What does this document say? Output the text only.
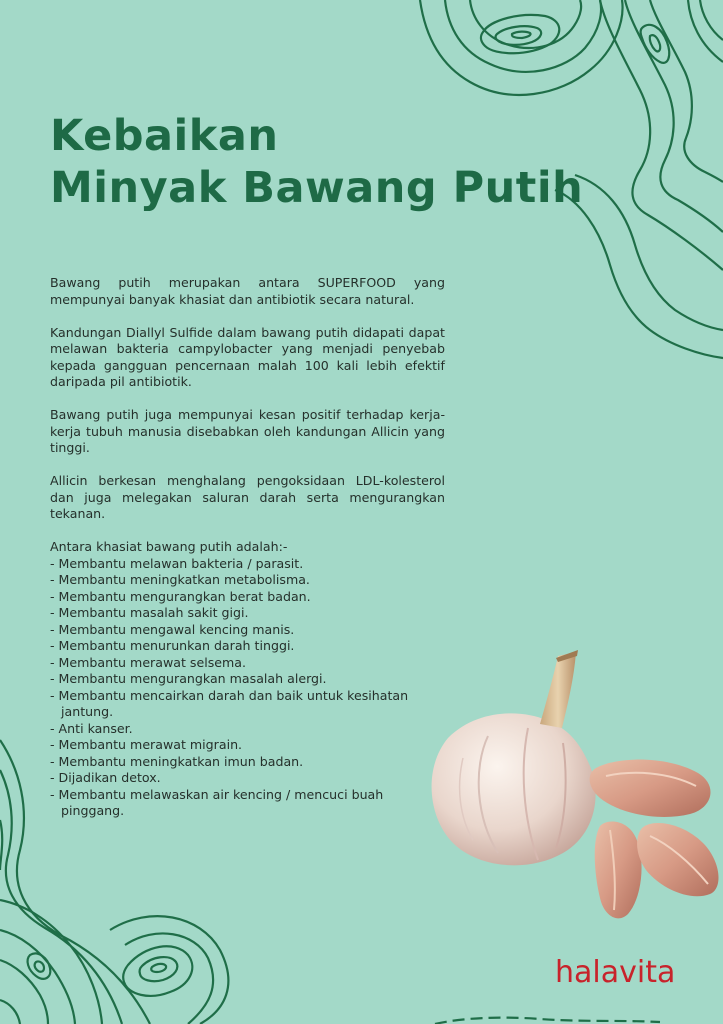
Kebaikan
Minyak Bawang Putih

Bawang putih merupakan antara SUPERFOOD yang mempunyai banyak khasiat dan antibiotik secara natural.

Kandungan Diallyl Sulfide dalam bawang putih didapati dapat melawan bakteria campylobacter yang menjadi penyebab kepada gangguan pencernaan malah 100 kali lebih efektif daripada pil antibiotik.

Bawang putih juga mempunyai kesan positif terhadap kerja-kerja tubuh manusia disebabkan oleh kandungan Allicin yang tinggi.

Allicin berkesan menghalang pengoksidaan LDL-kolesterol dan juga melegakan saluran darah serta mengurangkan tekanan.

Antara khasiat bawang putih adalah:-
- Membantu melawan bakteria / parasit.
- Membantu meningkatkan metabolisma.
- Membantu mengurangkan berat badan.
- Membantu masalah sakit gigi.
- Membantu mengawal kencing manis.
- Membantu menurunkan darah tinggi.
- Membantu merawat selsema.
- Membantu mengurangkan masalah alergi.
- Membantu mencairkan darah dan baik untuk kesihatan jantung.
- Anti kanser.
- Membantu merawat migrain.
- Membantu meningkatkan imun badan.
- Dijadikan detox.
- Membantu melawaskan air kencing / mencuci buah pinggang.
halavita
